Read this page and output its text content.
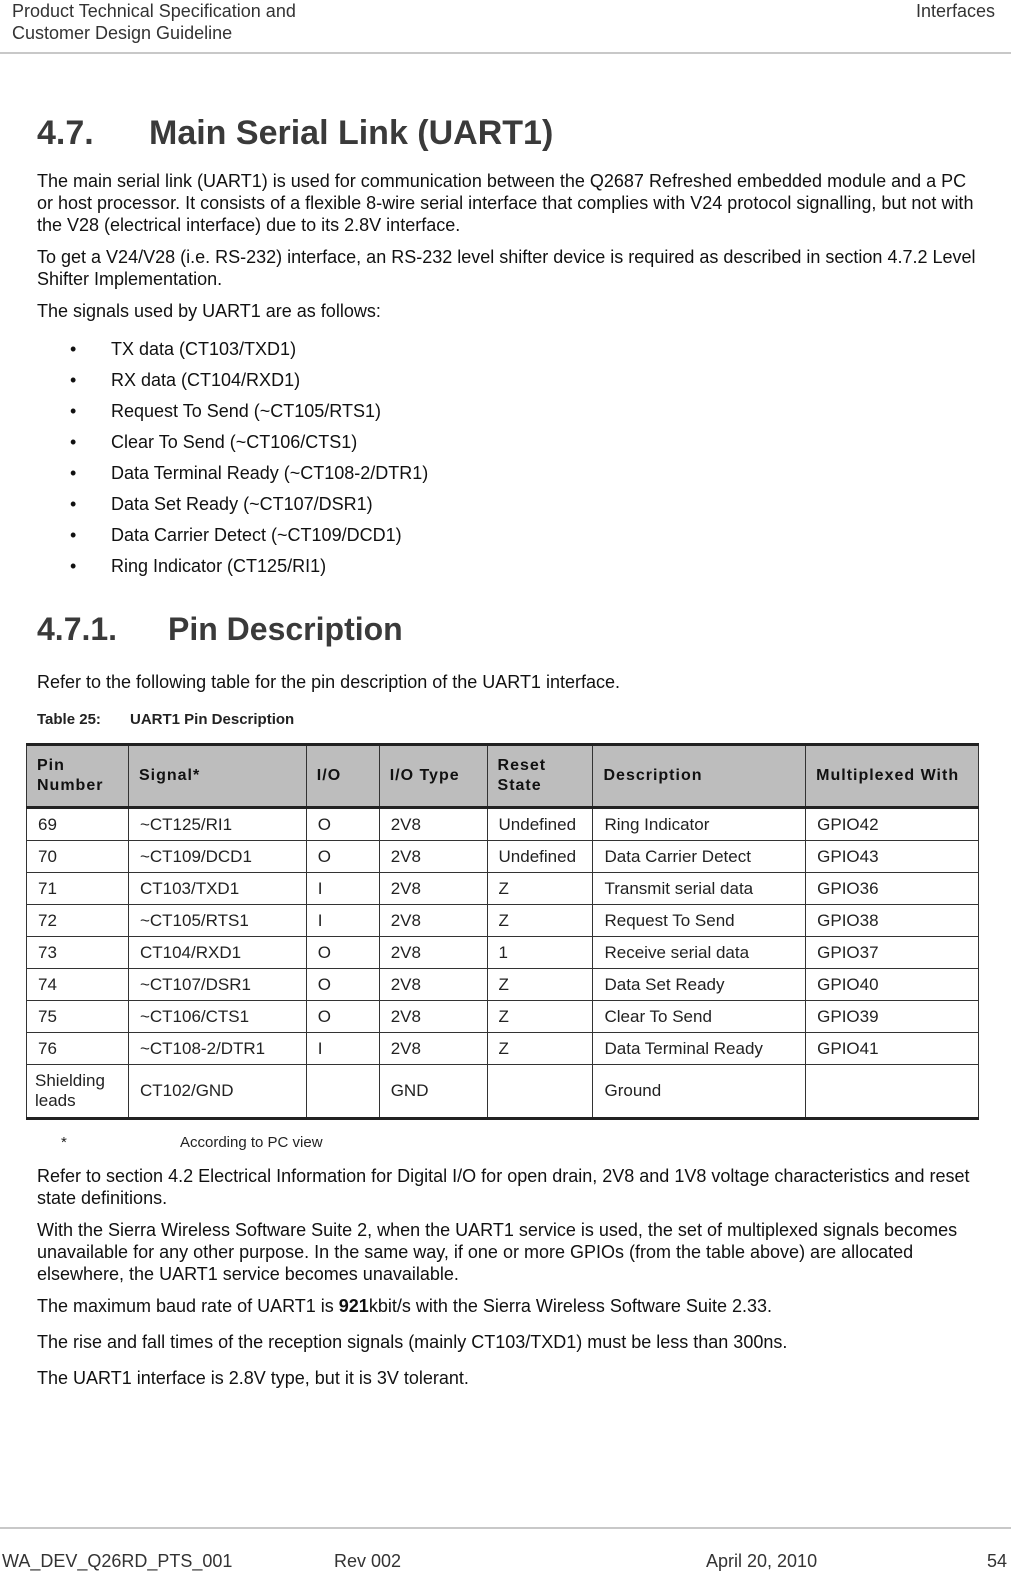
Product Technical Specification and
Customer Design Guideline
Interfaces
4.7.	Main Serial Link (UART1)

The main serial link (UART1) is used for communication between the Q2687 Refreshed embedded module and a PC or host processor. It consists of a flexible 8-wire serial interface that complies with V24 protocol signalling, but not with the V28 (electrical interface) due to its 2.8V interface.

To get a V24/V28 (i.e. RS-232) interface, an RS-232 level shifter device is required as described in section 4.7.2 Level Shifter Implementation.

The signals used by UART1 are as follows:

• TX data (CT103/TXD1)
• RX data (CT104/RXD1)
• Request To Send (~CT105/RTS1)
• Clear To Send (~CT106/CTS1)
• Data Terminal Ready (~CT108-2/DTR1)
• Data Set Ready (~CT107/DSR1)
• Data Carrier Detect (~CT109/DCD1)
• Ring Indicator (CT125/RI1)
4.7.1.	Pin Description

Refer to the following table for the pin description of the UART1 interface.

Table 25:	UART1 Pin Description
Pin Number	Signal*	I/O	I/O Type	Reset State	Description	Multiplexed With
69	~CT125/RI1	O	2V8	Undefined	Ring Indicator	GPIO42
70	~CT109/DCD1	O	2V8	Undefined	Data Carrier Detect	GPIO43
71	CT103/TXD1	I	2V8	Z	Transmit serial data	GPIO36
72	~CT105/RTS1	I	2V8	Z	Request To Send	GPIO38
73	CT104/RXD1	O	2V8	1	Receive serial data	GPIO37
74	~CT107/DSR1	O	2V8	Z	Data Set Ready	GPIO40
75	~CT106/CTS1	O	2V8	Z	Clear To Send	GPIO39
76	~CT108-2/DTR1	I	2V8	Z	Data Terminal Ready	GPIO41
Shielding leads	CT102/GND		GND		Ground	
*	According to PC view

Refer to section 4.2 Electrical Information for Digital I/O for open drain, 2V8 and 1V8 voltage characteristics and reset state definitions.

With the Sierra Wireless Software Suite 2, when the UART1 service is used, the set of multiplexed signals becomes unavailable for any other purpose. In the same way, if one or more GPIOs (from the table above) are allocated elsewhere, the UART1 service becomes unavailable.

The maximum baud rate of UART1 is 921kbit/s with the Sierra Wireless Software Suite 2.33.

The rise and fall times of the reception signals (mainly CT103/TXD1) must be less than 300ns.

The UART1 interface is 2.8V type, but it is 3V tolerant.

WA_DEV_Q26RD_PTS_001	Rev 002	April 20, 2010	54
